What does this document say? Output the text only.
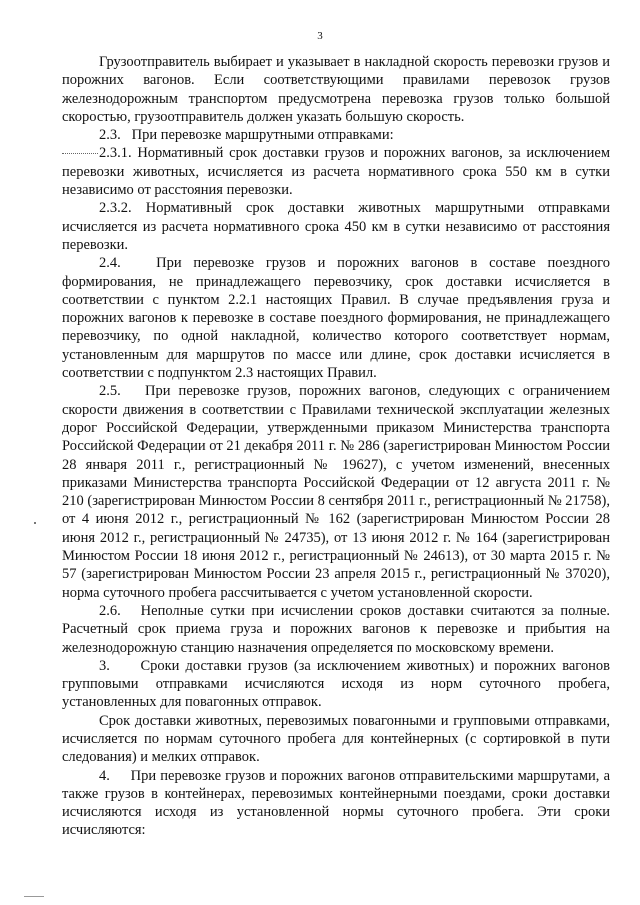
3

Грузоотправитель выбирает и указывает в накладной скорость перевозки грузов и порожних вагонов. Если соответствующими правилами перевозок грузов железнодорожным транспортом предусмотрена перевозка грузов только большой скоростью, грузоотправитель должен указать большую скорость.

2.3.   При перевозке маршрутными отправками:

2.3.1. Нормативный срок доставки грузов и порожних вагонов, за исключением перевозки животных, исчисляется из расчета нормативного срока 550 км в сутки независимо от расстояния перевозки.

2.3.2. Нормативный срок доставки животных маршрутными отправками исчисляется из расчета нормативного срока 450 км в сутки независимо от расстояния перевозки.

2.4.   При перевозке грузов и порожних вагонов в составе поездного формирования, не принадлежащего перевозчику, срок доставки исчисляется в соответствии с пунктом 2.2.1 настоящих Правил. В случае предъявления груза и порожних вагонов к перевозке в составе поездного формирования, не принадлежащего перевозчику, по одной накладной, количество которого соответствует нормам, установленным для маршрутов по массе или длине, срок доставки исчисляется в соответствии с подпунктом 2.3 настоящих Правил.

2.5.   При перевозке грузов, порожних вагонов, следующих с ограничением скорости движения в соответствии с Правилами технической эксплуатации железных дорог Российской Федерации, утвержденными приказом Министерства транспорта Российской Федерации от 21 декабря 2011 г. № 286 (зарегистрирован Минюстом России 28 января 2011 г., регистрационный № 19627), с учетом изменений, внесенных приказами Министерства транспорта Российской Федерации от 12 августа 2011 г. № 210 (зарегистрирован Минюстом России 8 сентября 2011 г., регистрационный № 21758), от 4 июня 2012 г., регистрационный № 162 (зарегистрирован Минюстом России 28 июня 2012 г., регистрационный № 24735), от 13 июня 2012 г. № 164 (зарегистрирован Минюстом России 18 июня 2012 г., регистрационный № 24613), от 30 марта 2015 г. № 57 (зарегистрирован Минюстом России 23 апреля 2015 г., регистрационный № 37020), норма суточного пробега рассчитывается с учетом установленной скорости.

2.6.   Неполные сутки при исчислении сроков доставки считаются за полные. Расчетный срок приема груза и порожних вагонов к перевозке и прибытия на железнодорожную станцию назначения определяется по московскому времени.

3.     Сроки доставки грузов (за исключением животных) и порожних вагонов групповыми отправками исчисляются исходя из норм суточного пробега, установленных для повагонных отправок.

Срок доставки животных, перевозимых повагонными и групповыми отправками, исчисляется по нормам суточного пробега для контейнерных (с сортировкой в пути следования) и мелких отправок.

4.     При перевозке грузов и порожних вагонов отправительскими маршрутами, а также грузов в контейнерах, перевозимых контейнерными поездами, сроки доставки исчисляются исходя из установленной нормы суточного пробега. Эти сроки исчисляются:
